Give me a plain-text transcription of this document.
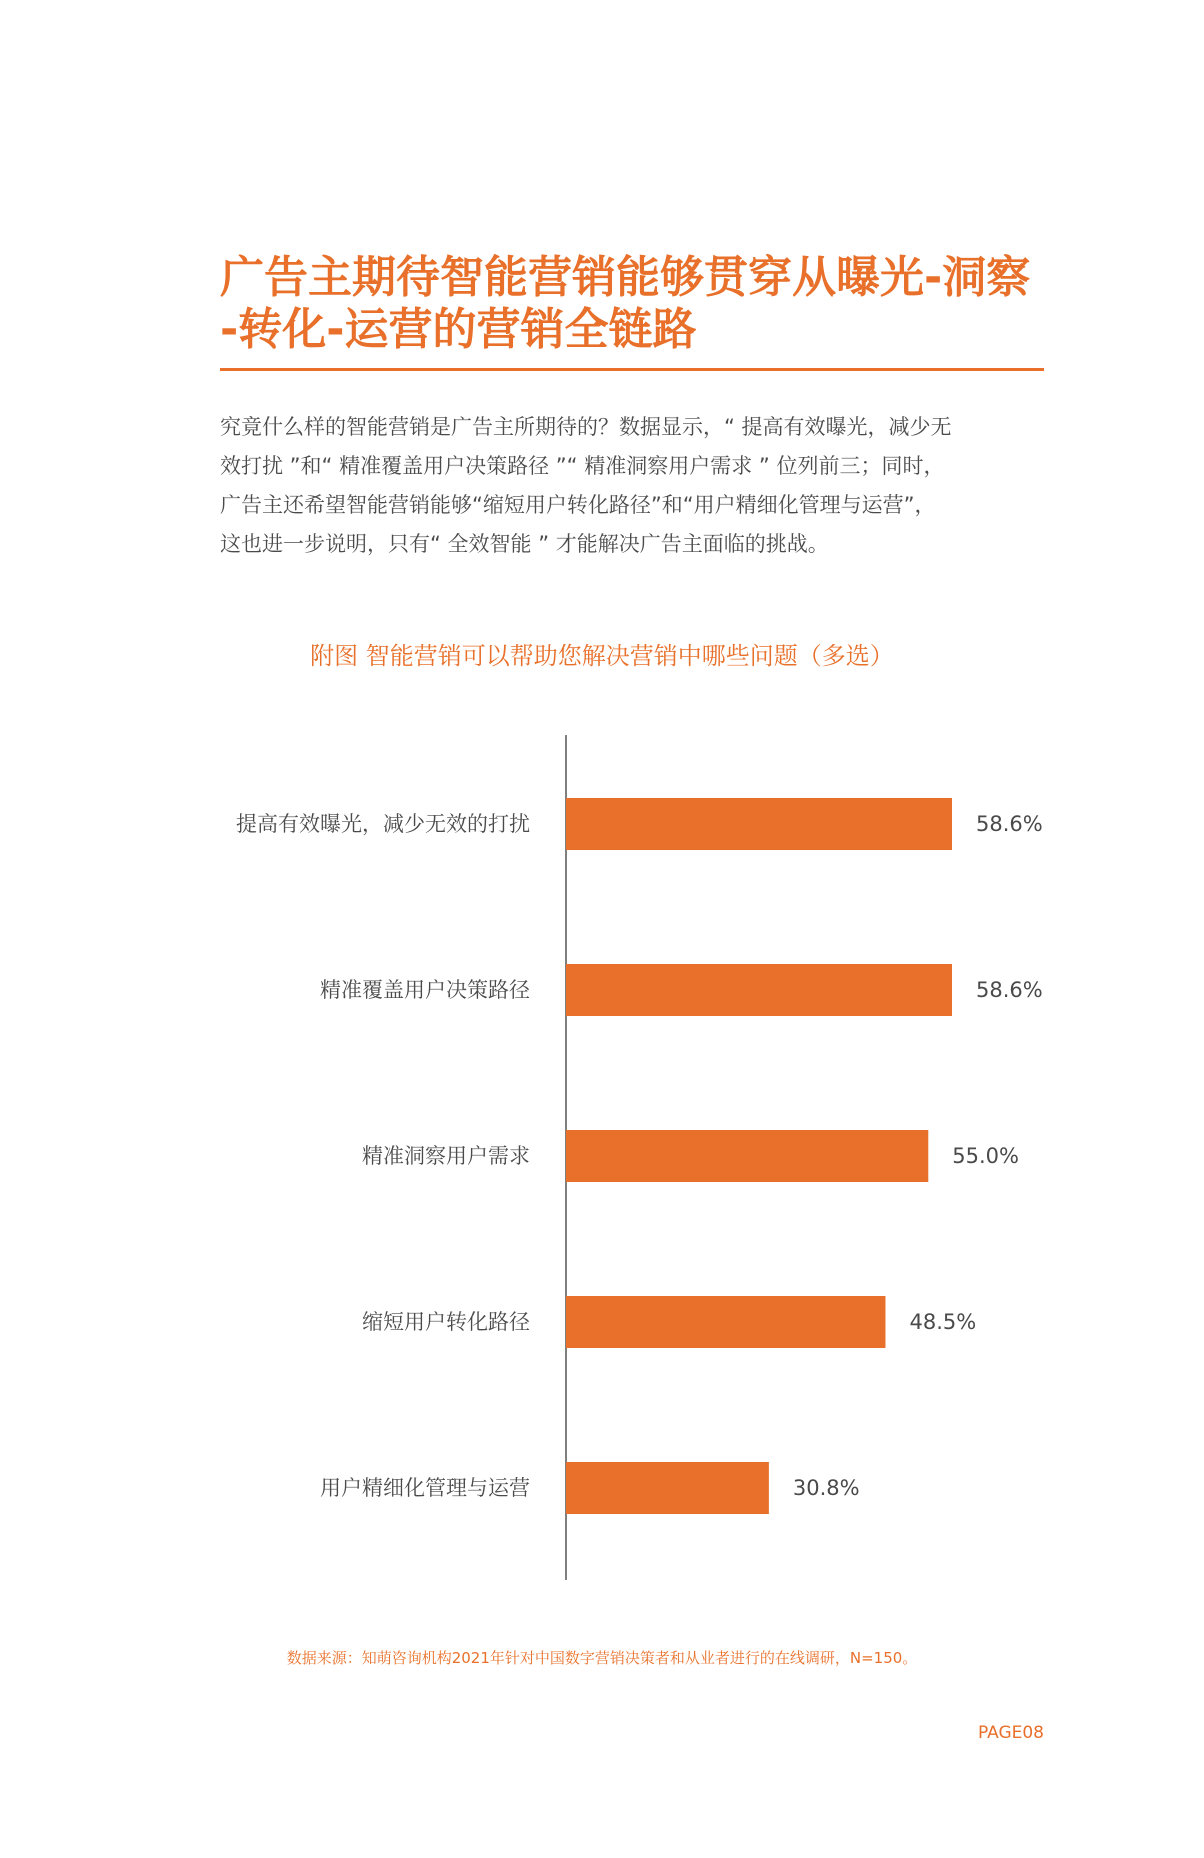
广告主期待智能营销能够贯穿从曝光-洞察
-转化-运营的营销全链路

究竟什么样的智能营销是广告主所期待的？数据显示，“ 提高有效曝光，减少无
效打扰 ”和“ 精准覆盖用户决策路径 ”“ 精准洞察用户需求 ” 位列前三；同时，
广告主还希望智能营销能够“缩短用户转化路径”和“用户精细化管理与运营”，
这也进一步说明，只有“ 全效智能 ” 才能解决广告主面临的挑战。

附图 智能营销可以帮助您解决营销中哪些问题（多选）
提高有效曝光，减少无效的打扰	58.6%
精准覆盖用户决策路径	58.6%
精准洞察用户需求	55.0%
缩短用户转化路径	48.5%
用户精细化管理与运营	30.8%
数据来源：知萌咨询机构2021年针对中国数字营销决策者和从业者进行的在线调研，N=150。
PAGE08
